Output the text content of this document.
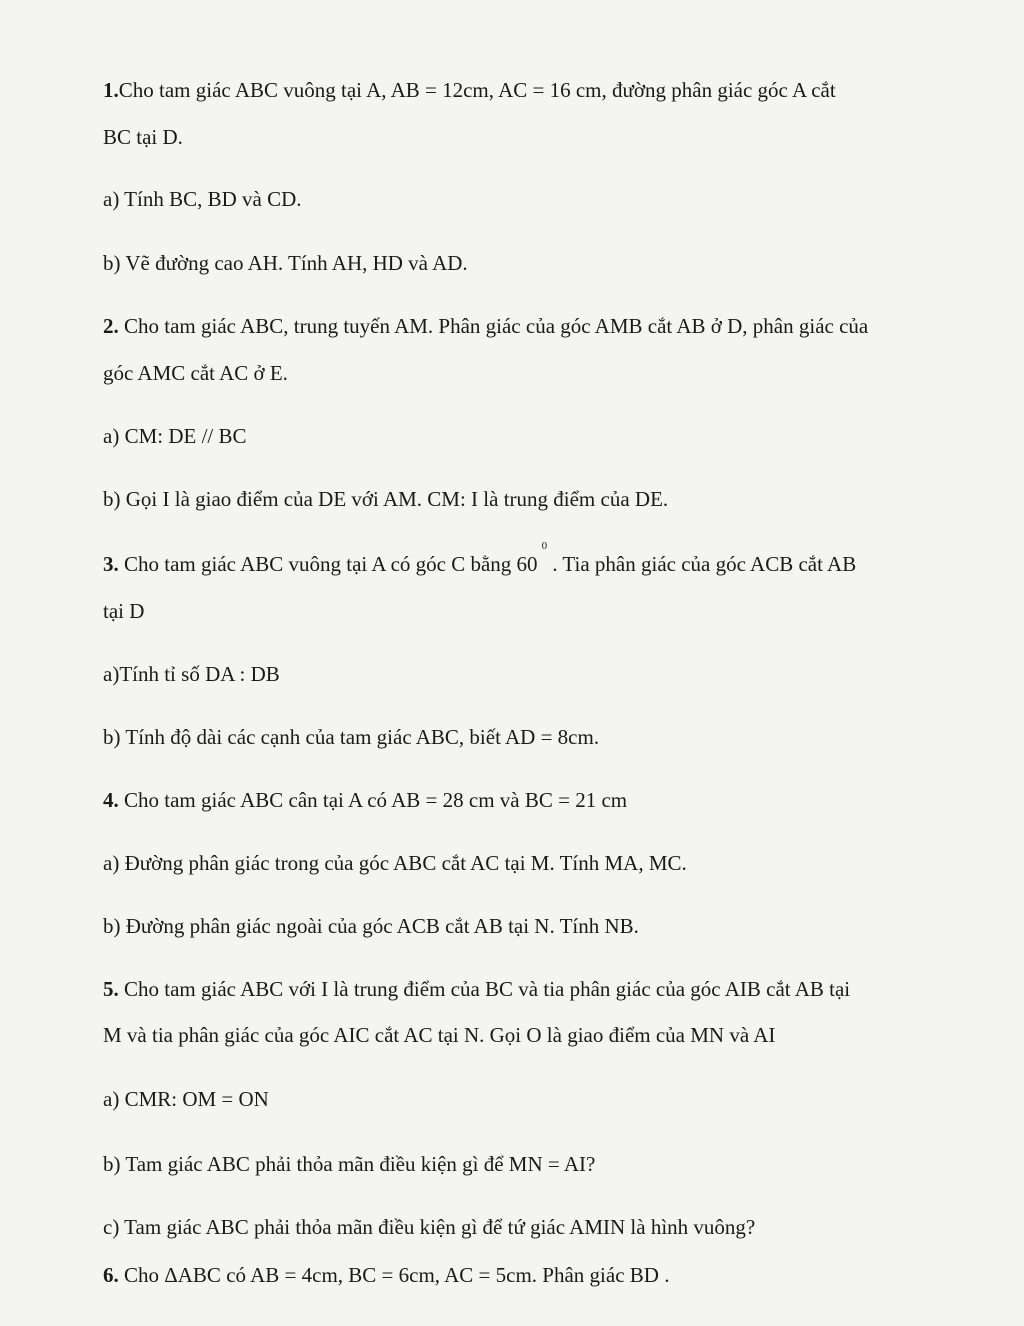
1.Cho tam giác ABC vuông tại A, AB = 12cm, AC = 16 cm, đường phân giác góc A cắt
BC tại D.
a) Tính BC, BD và CD.
b) Vẽ đường cao AH. Tính AH, HD và AD.
2. Cho tam giác ABC, trung tuyến AM. Phân giác của góc AMB cắt AB ở D, phân giác của
góc AMC cắt AC ở E.
a) CM: DE // BC
b) Gọi I là giao điểm của DE với AM. CM: I là trung điểm của DE.
3. Cho tam giác ABC vuông tại A có góc C bằng $60^0$ . Tia phân giác của góc ACB cắt AB
tại D
a)Tính tỉ số DA : DB
b) Tính độ dài các cạnh của tam giác ABC, biết AD = 8cm.
4. Cho tam giác ABC cân tại A có AB = 28 cm và BC = 21 cm
a) Đường phân giác trong của góc ABC cắt AC tại M. Tính MA, MC.
b) Đường phân giác ngoài của góc ACB cắt AB tại N. Tính NB.
5. Cho tam giác ABC với I là trung điểm của BC và tia phân giác của góc AIB cắt AB tại
M và tia phân giác của góc AIC cắt AC tại N. Gọi O là giao điểm của MN và AI
a) CMR: OM = ON
b) Tam giác ABC phải thỏa mãn điều kiện gì để MN = AI?
c) Tam giác ABC phải thỏa mãn điều kiện gì để tứ giác AMIN là hình vuông?
6. Cho ΔABC có AB = 4cm, BC = 6cm, AC = 5cm. Phân giác BD .
